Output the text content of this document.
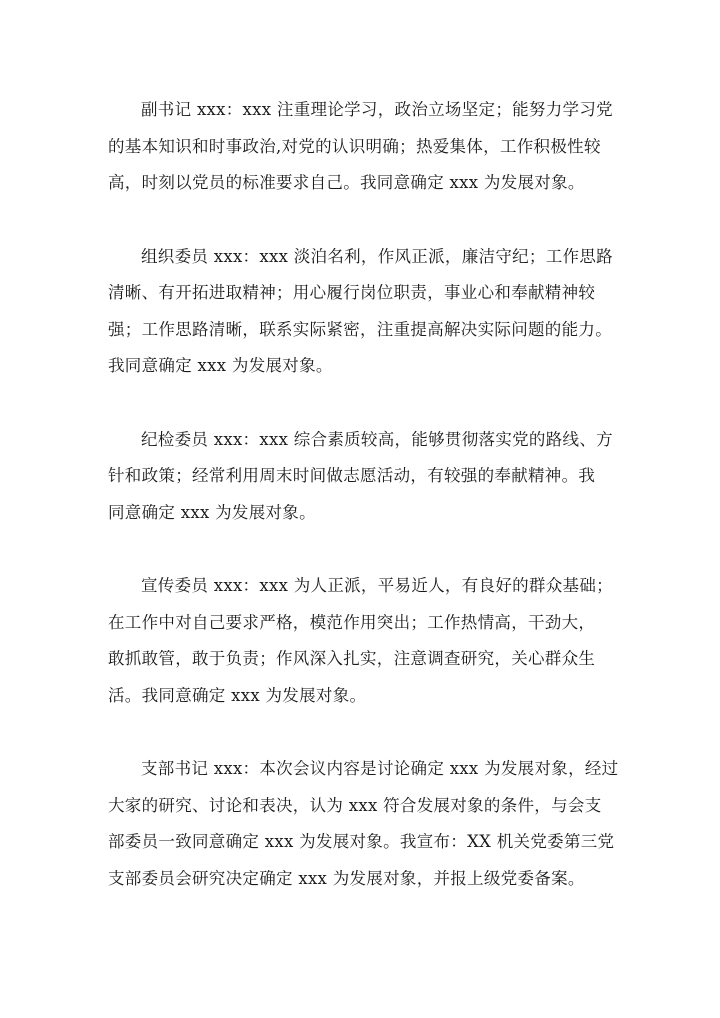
副书记 xxx：xxx 注重理论学习，政治立场坚定；能努力学习党
的基本知识和时事政治,对党的认识明确；热爱集体，工作积极性较
高，时刻以党员的标准要求自己。我同意确定 xxx 为发展对象。

组织委员 xxx：xxx 淡泊名利，作风正派，廉洁守纪；工作思路
清晰、有开拓进取精神；用心履行岗位职责，事业心和奉献精神较
强；工作思路清晰，联系实际紧密，注重提高解决实际问题的能力。
我同意确定 xxx 为发展对象。

纪检委员 xxx：xxx 综合素质较高，能够贯彻落实党的路线、方
针和政策；经常利用周末时间做志愿活动，有较强的奉献精神。我
同意确定 xxx 为发展对象。

宣传委员 xxx：xxx 为人正派，平易近人，有良好的群众基础；
在工作中对自己要求严格，模范作用突出；工作热情高，干劲大，
敢抓敢管，敢于负责；作风深入扎实，注意调查研究，关心群众生
活。我同意确定 xxx 为发展对象。

支部书记 xxx：本次会议内容是讨论确定 xxx 为发展对象，经过
大家的研究、讨论和表决，认为 xxx 符合发展对象的条件，与会支
部委员一致同意确定 xxx 为发展对象。我宣布：XX 机关党委第三党
支部委员会研究决定确定 xxx 为发展对象，并报上级党委备案。
